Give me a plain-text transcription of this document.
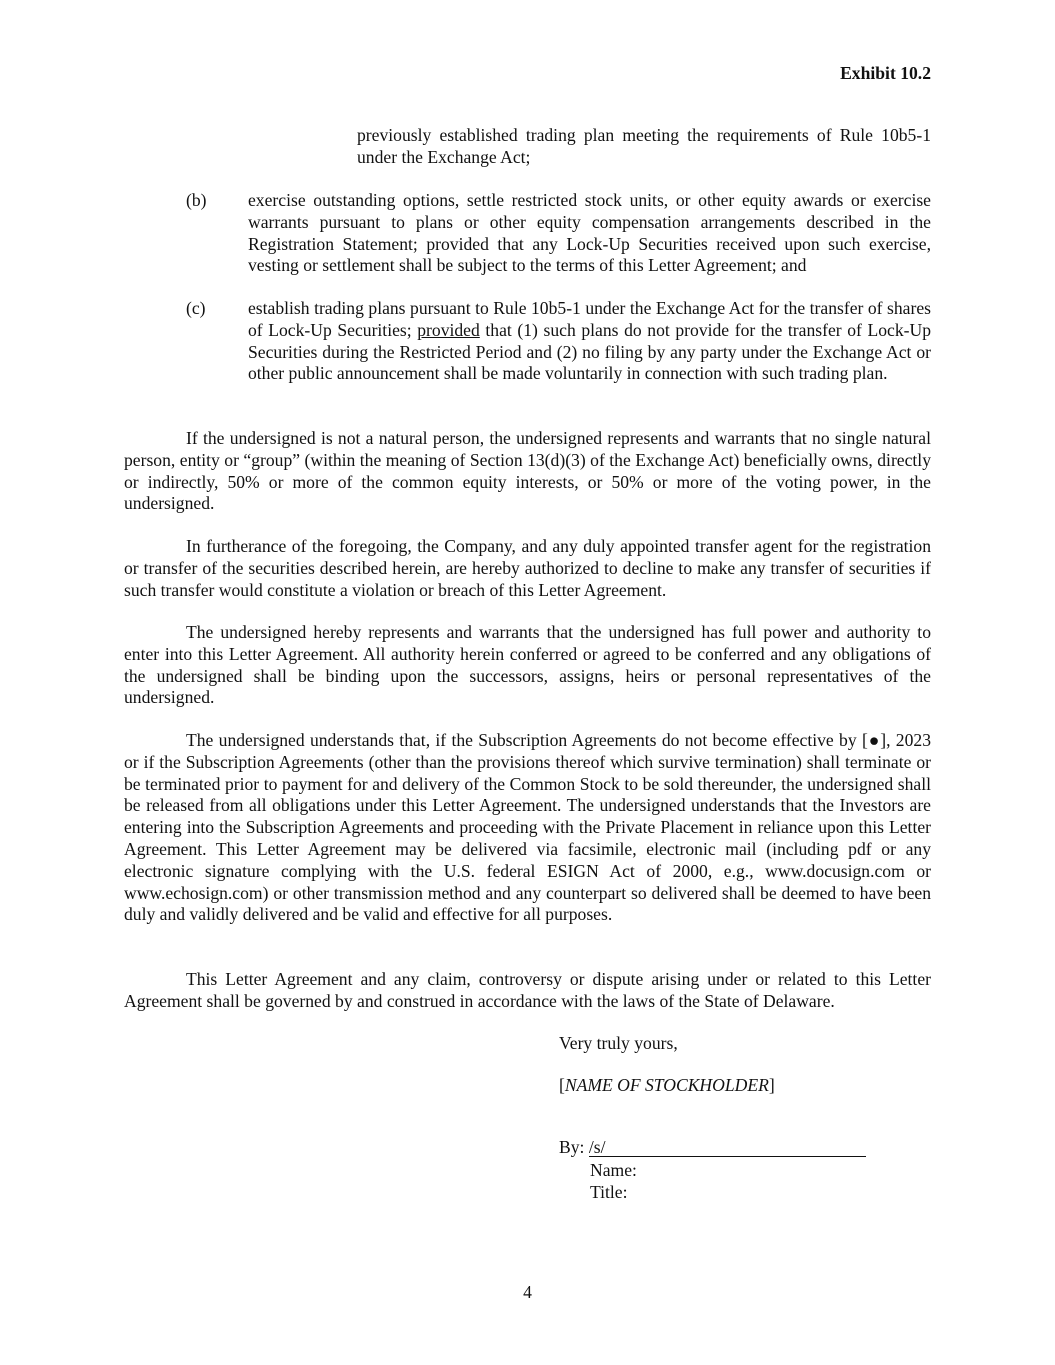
Exhibit 10.2
previously established trading plan meeting the requirements of Rule 10b5-1 under the Exchange Act;
(b) exercise outstanding options, settle restricted stock units, or other equity awards or exercise warrants pursuant to plans or other equity compensation arrangements described in the Registration Statement; provided that any Lock-Up Securities received upon such exercise, vesting or settlement shall be subject to the terms of this Letter Agreement; and
(c) establish trading plans pursuant to Rule 10b5-1 under the Exchange Act for the transfer of shares of Lock-Up Securities; provided that (1) such plans do not provide for the transfer of Lock-Up Securities during the Restricted Period and (2) no filing by any party under the Exchange Act or other public announcement shall be made voluntarily in connection with such trading plan.
If the undersigned is not a natural person, the undersigned represents and warrants that no single natural person, entity or “group” (within the meaning of Section 13(d)(3) of the Exchange Act) beneficially owns, directly or indirectly, 50% or more of the common equity interests, or 50% or more of the voting power, in the undersigned.
In furtherance of the foregoing, the Company, and any duly appointed transfer agent for the registration or transfer of the securities described herein, are hereby authorized to decline to make any transfer of securities if such transfer would constitute a violation or breach of this Letter Agreement.
The undersigned hereby represents and warrants that the undersigned has full power and authority to enter into this Letter Agreement. All authority herein conferred or agreed to be conferred and any obligations of the undersigned shall be binding upon the successors, assigns, heirs or personal representatives of the undersigned.
The undersigned understands that, if the Subscription Agreements do not become effective by [●], 2023 or if the Subscription Agreements (other than the provisions thereof which survive termination) shall terminate or be terminated prior to payment for and delivery of the Common Stock to be sold thereunder, the undersigned shall be released from all obligations under this Letter Agreement. The undersigned understands that the Investors are entering into the Subscription Agreements and proceeding with the Private Placement in reliance upon this Letter Agreement. This Letter Agreement may be delivered via facsimile, electronic mail (including pdf or any electronic signature complying with the U.S. federal ESIGN Act of 2000, e.g., www.docusign.com or www.echosign.com) or other transmission method and any counterpart so delivered shall be deemed to have been duly and validly delivered and be valid and effective for all purposes.
This Letter Agreement and any claim, controversy or dispute arising under or related to this Letter Agreement shall be governed by and construed in accordance with the laws of the State of Delaware.
Very truly yours,
[NAME OF STOCKHOLDER]
By: /s/
Name:
Title:
4
